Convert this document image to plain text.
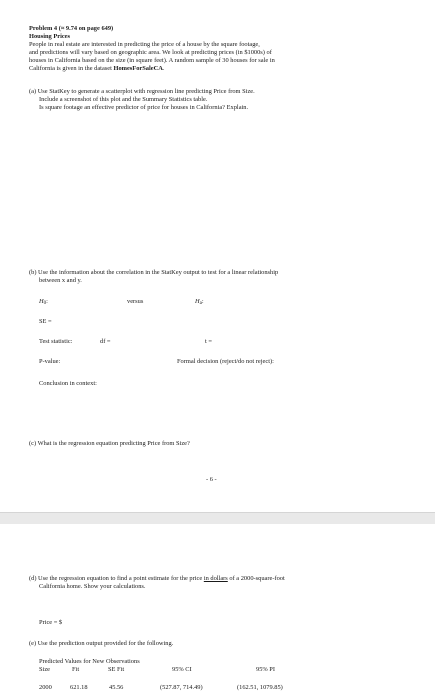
Problem 4 (≈ 9.74 on page 649)
Housing Prices
People in real estate are interested in predicting the price of a house by the square footage,
and predictions will vary based on geographic area. We look at predicting prices (in $1000s) of
houses in California based on the size (in square feet). A random sample of 30 houses for sale in
California is given in the dataset HomesForSaleCA.
(a) Use StatKey to generate a scatterplot with regression line predicting Price from Size.
Include a screenshot of this plot and the Summary Statistics table.
Is square footage an effective predictor of price for houses in California? Explain.
(b) Use the information about the correlation in the StatKey output to test for a linear relationship
between x and y.
$H_0$:	versus	$H_a$:
SE =
Test statistic:	df =	t =
P-value:	Formal decision (reject/do not reject):
Conclusion in context:
(c) What is the regression equation predicting Price from Size?
- 6 -
(d) Use the regression equation to find a point estimate for the price in dollars of a 2000-square-foot
California home. Show your calculations.
Price = $
(e) Use the prediction output provided for the following.
Predicted Values for New Observations
Size	Fit	SE Fit	95% CI	95% PI
2000	621.18	45.56	(527.87, 714.49)	(162.51, 1079.85)
